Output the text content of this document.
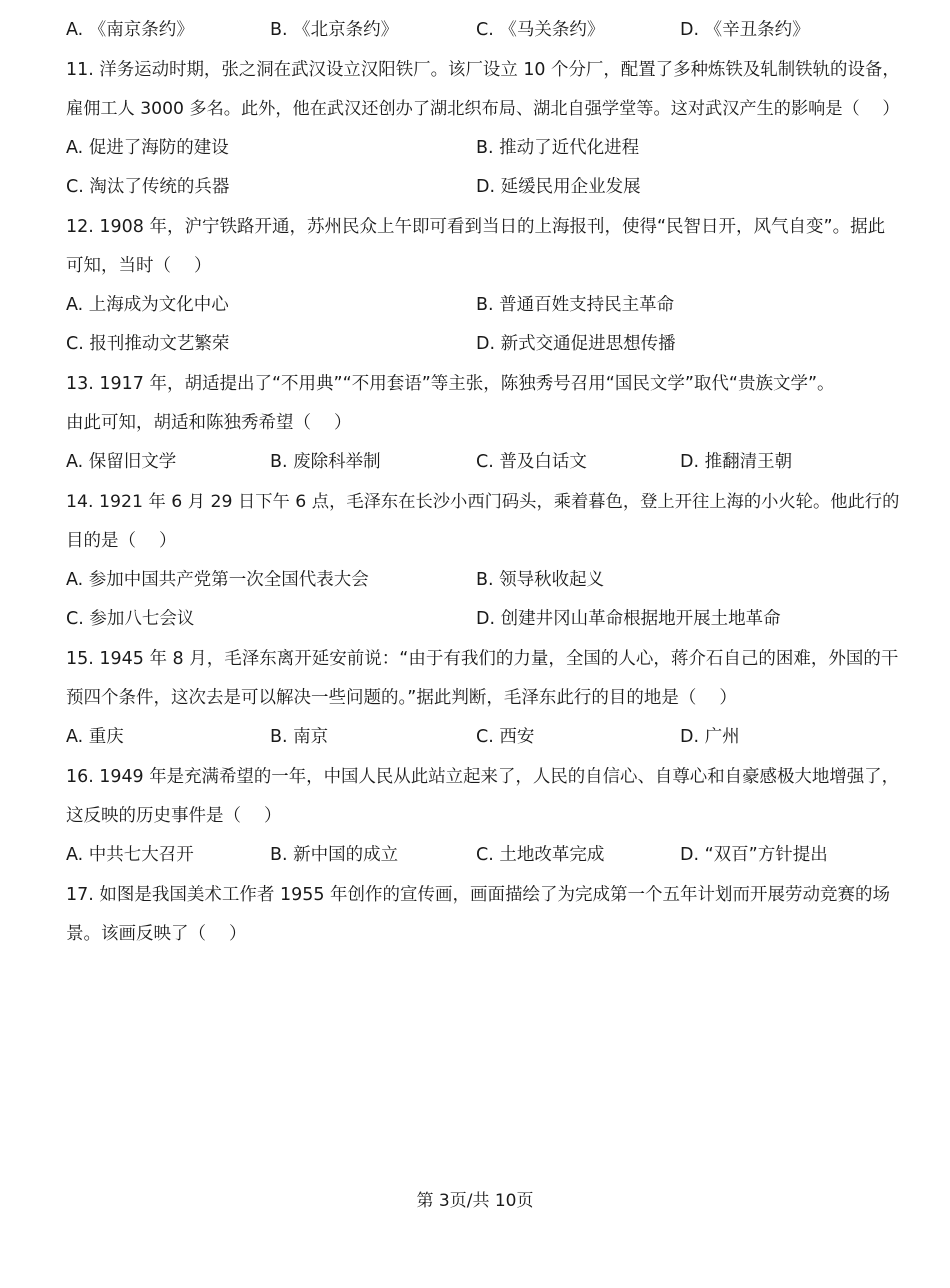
A. 《南京条约》	B. 《北京条约》	C. 《马关条约》	D. 《辛丑条约》
11. 洋务运动时期，张之洞在武汉设立汉阳铁厂。该厂设立 10 个分厂，配置了多种炼铁及轧制铁轨的设备，
雇佣工人 3000 多名。此外，他在武汉还创办了湖北织布局、湖北自强学堂等。这对武汉产生的影响是（　 ）
A. 促进了海防的建设	B. 推动了近代化进程
C. 淘汰了传统的兵器	D. 延缓民用企业发展
12. 1908 年，沪宁铁路开通，苏州民众上午即可看到当日的上海报刊，使得“民智日开，风气自变”。据此
可知，当时（　 ）
A. 上海成为文化中心	B. 普通百姓支持民主革命
C. 报刊推动文艺繁荣	D. 新式交通促进思想传播
13. 1917 年，胡适提出了“不用典”“不用套语”等主张，陈独秀号召用“国民文学”取代“贵族文学”。
由此可知，胡适和陈独秀希望（　 ）
A. 保留旧文学	B. 废除科举制	C. 普及白话文	D. 推翻清王朝
14. 1921 年 6 月 29 日下午 6 点，毛泽东在长沙小西门码头，乘着暮色，登上开往上海的小火轮。他此行的
目的是（　 ）
A. 参加中国共产党第一次全国代表大会	B. 领导秋收起义
C. 参加八七会议	D. 创建井冈山革命根据地开展土地革命
15. 1945 年 8 月，毛泽东离开延安前说：“由于有我们的力量，全国的人心，蒋介石自己的困难，外国的干
预四个条件，这次去是可以解决一些问题的。”据此判断，毛泽东此行的目的地是（　 ）
A. 重庆	B. 南京	C. 西安	D. 广州
16. 1949 年是充满希望的一年，中国人民从此站立起来了，人民的自信心、自尊心和自豪感极大地增强了，
这反映的历史事件是（　 ）
A. 中共七大召开	B. 新中国的成立	C. 土地改革完成	D. “双百”方针提出
17. 如图是我国美术工作者 1955 年创作的宣传画，画面描绘了为完成第一个五年计划而开展劳动竞赛的场
景。该画反映了（　 ）
第 3页/共 10页
